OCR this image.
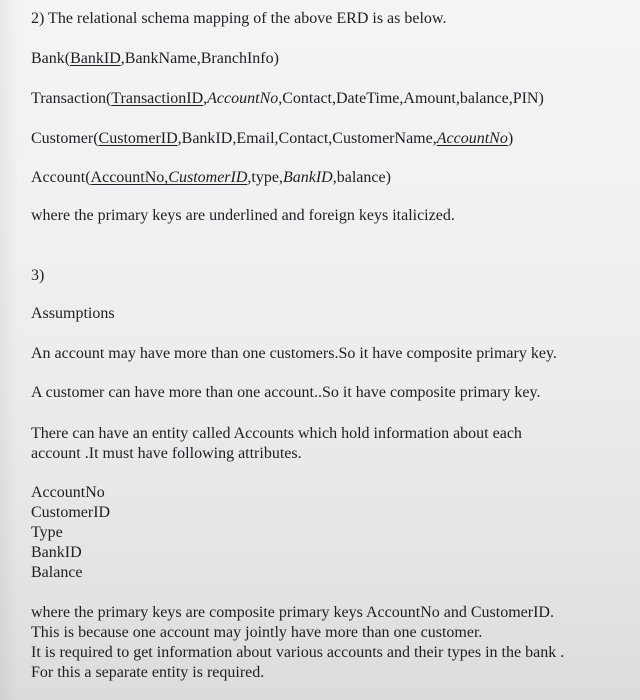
2) The relational schema mapping of the above ERD is as below.
Bank(BankID,BankName,BranchInfo)
Transaction(TransactionID,AccountNo,Contact,DateTime,Amount,balance,PIN)
Customer(CustomerID,BankID,Email,Contact,CustomerName,AccountNo)
Account(AccountNo,CustomerID,type,BankID,balance)
where the primary keys are underlined and foreign keys italicized.
3)
Assumptions
An account may have more than one customers.So it have composite primary key.
A customer can have more than one account..So it have composite primary key.
There can have an entity called Accounts which hold information about each
account .It must have following attributes.
AccountNo
CustomerID
Type
BankID
Balance
where the primary keys are composite primary keys AccountNo and CustomerID.
This is because one account may jointly have more than one customer.
It is required to get information about various accounts and their types in the bank .
For this a separate entity is required.
